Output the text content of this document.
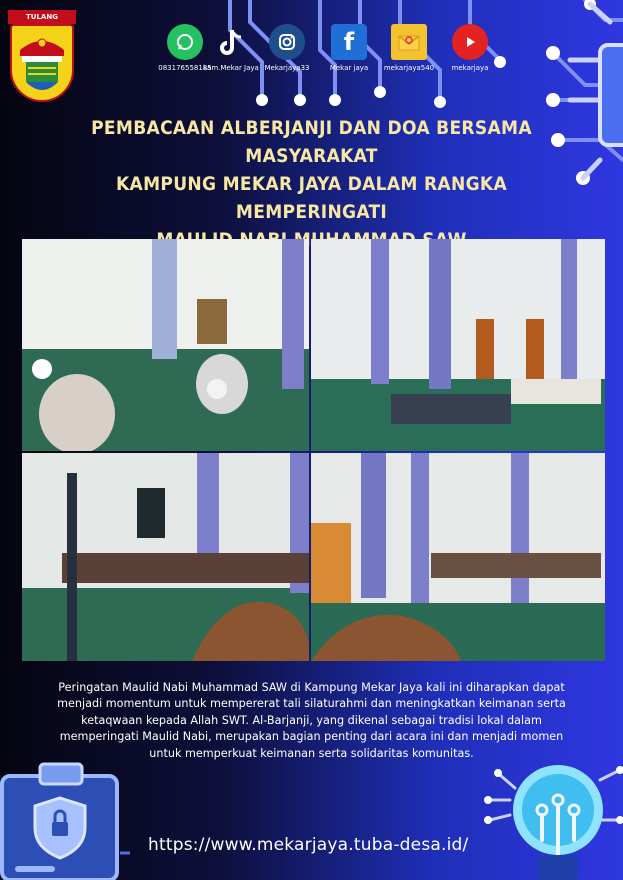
TULANG
083176558185
kam.Mekar Jaya Mekarjaya33
f
Mekar jaya	mekarjaya540	mekarjaya
PEMBACAAN ALBERJANJI DAN DOA BERSAMA MASYARAKAT
KAMPUNG MEKAR JAYA DALAM RANGKA MEMPERINGATI

Peringatan Maulid Nabi Muhammad SAW di Kampung Mekar Jaya kali ini diharapkan dapat menjadi momentum untuk mempererat tali silaturahmi dan meningkatkan keimanan serta ketaqwaan kepada Allah SWT. Al-Barjanji, yang dikenal sebagai tradisi lokal dalam memperingati Maulid Nabi, merupakan bagian penting dari acara ini dan menjadi momen untuk memperkuat keimanan serta solidaritas komunitas.

https://www.mekarjaya.tuba-desa.id/
